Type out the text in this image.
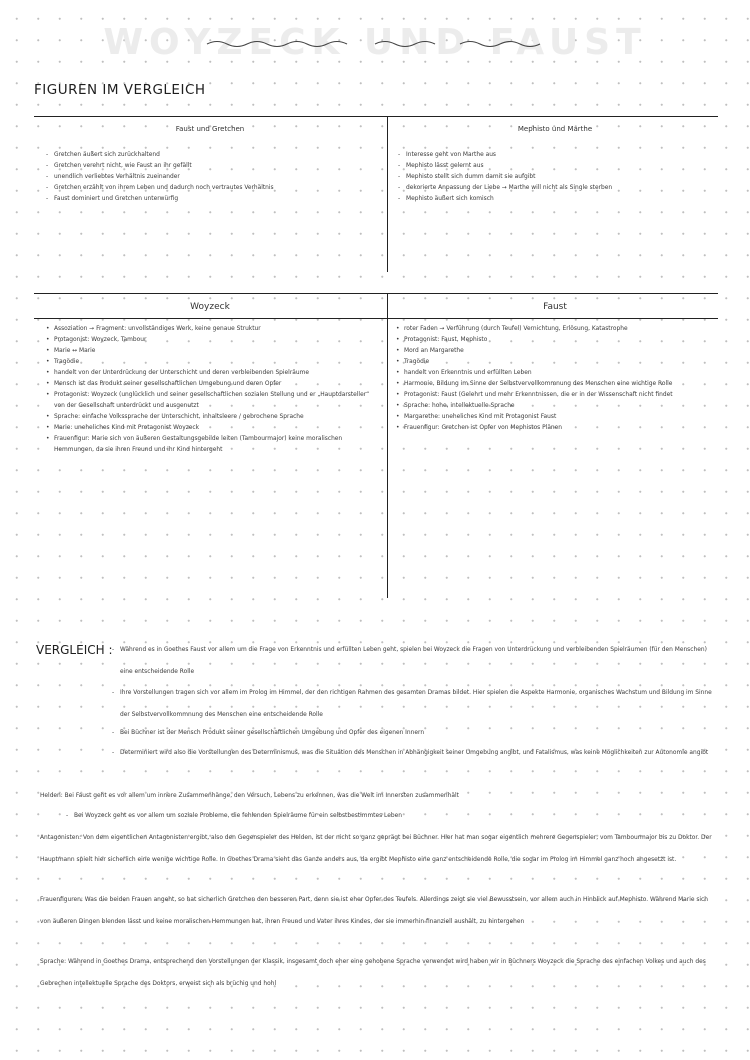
WOYZECK UND FAUST
FIGUREN IM VERGLEICH
Faust und Gretchen	Mephisto und Marthe
- Gretchen äußert sich zurückhaltend
- Gretchen verehrt nicht, wie Faust an ihr gefällt
- unendlich verliebtes Verhältnis zueinander
- Gretchen erzählt von ihrem Leben und dadurch noch vertrautes Verhältnis
- Faust dominiert und Gretchen unterwürfig
- Interesse geht von Marthe aus
- Mephisto lässt gelernt aus
- Mephisto stellt sich dumm damit sie aufgibt
- dekorierte Anpassung der Liebe → Marthe will nicht als Single sterben
- Mephisto äußert sich komisch
Woyzeck	Faust
• Assoziation → Fragment: unvollständiges Werk, keine genaue Struktur
• Protagonist: Woyzeck, Tambour
• Marie ↔ Marie
• Tragödie
• handelt von der Unterdrückung der Unterschicht und deren verbleibenden Spielräume
• Mensch ist das Produkt seiner gesellschaftlichen Umgebung und deren Opfer
• Protagonist: Woyzeck (unglücklich und seiner gesellschaftlichen sozialen Stellung und er „Hauptdarsteller“ von der Gesellschaft unterdrückt und ausgenutzt
• Sprache: einfache Volkssprache der Unterschicht, inhaltsleere / gebrochene Sprache
• Marie: uneheliches Kind mit Protagonist Woyzeck
• Frauenfigur: Marie sich von äußeren Gestaltungsgebilde leiten (Tambourmajor) keine moralischen Hemmungen, da sie ihren Freund und ihr Kind hintergeht
• roter Faden → Verführung (durch Teufel) Vernichtung, Erlösung, Katastrophe
• Protagonist: Faust, Mephisto
• Mord an Margarethe
• Tragödie
• handelt von Erkenntnis und erfüllten Leben
• Harmonie, Bildung im Sinne der Selbstvervollkommnung des Menschen eine wichtige Rolle
• Protagonist: Faust (Gelehrt und mehr Erkenntnissen, die er in der Wissenschaft nicht findet
• Sprache: hohe, intellektuelle Sprache
• Margarethe: uneheliches Kind mit Protagonist Faust
• Frauenfigur: Gretchen ist Opfer von Mephistos Plänen
VERGLEICH : - Während es in Goethes Faust vor allem um die Frage von Erkenntnis und erfüllten Leben geht, spielen bei Woyzeck die Fragen von Unterdrückung und verbleibenden Spielräumen (für den Menschen) eine entscheidende Rolle
- Ihre Vorstellungen tragen sich vor allem im Prolog im Himmel, der den richtigen Rahmen des gesamten Dramas bildet. Hier spielen die Aspekte Harmonie, organisches Wachstum und Bildung im Sinne der Selbstvervollkommnung des Menschen eine entscheidende Rolle
- Bei Büchner ist der Mensch Produkt seiner gesellschaftlichen Umgebung und Opfer des eigenen Innern
- Determiniert wird also die Vorstellungen des Determinismus, was die Situation des Menschen in Abhängigkeit seiner Umgebung angibt, und Fatalismus, was keine Möglichkeiten zur Autonomie angibt
Helden: Bei Faust geht es vor allem um innere Zusammenhänge, den Versuch, Lebens zu erkennen, was die Welt im Innersten zusammenhält
- Bei Woyzeck geht es vor allem um soziale Probleme, die fehlenden Spielräume für ein selbstbestimmtes Leben
Antagonisten: Von dem eigentlichen Antagonisten ergibt, also den Gegenspieler des Helden, ist der nicht so ganz geprägt bei Büchner. Hier hat man sogar eigentlich mehrere Gegenspieler, vom Tambourmajor bis zu Doktor. Der Hauptmann spielt hier sicherlich eine wenige wichtige Rolle. In Goethes Drama sieht das Ganze anders aus, da ergibt Mephisto eine ganz entscheidende Rolle, die sogar im Prolog im Himmel ganz hoch angesetzt ist.
Frauenfiguren: Was die beiden Frauen angeht, so hat sicherlich Gretchen den besseren Part, denn sie ist eher Opfer des Teufels. Allerdings zeigt sie viel Bewusstsein, vor allem auch in Hinblick auf Mephisto. Während Marie sich von äußeren Dingen blenden lässt und keine moralischen Hemmungen hat, ihren Freund und Vater ihres Kindes, der sie immerhin finanziell aushält, zu hintergehen
Sprache: Während in Goethes Drama, entsprechend den Vorstellungen der Klassik, insgesamt doch eher eine gehobene Sprache verwendet wird haben wir in Büchners Woyzeck die Sprache des einfachen Volkes und auch des Gebrechen intellektuelle Sprache des Doktors, erweist sich als brüchig und hohl
